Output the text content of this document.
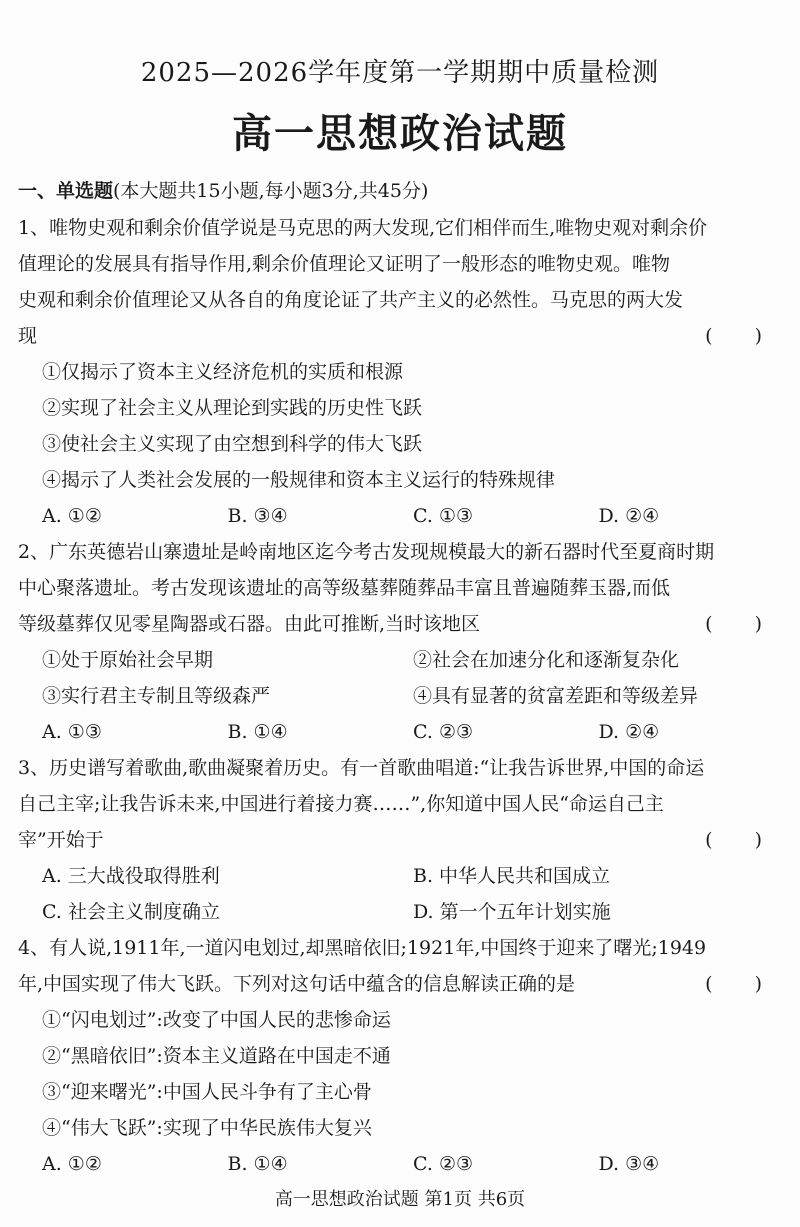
2025—2026学年度第一学期期中质量检测
高一思想政治试题
一、单选题(本大题共15小题,每小题3分,共45分)
1、唯物史观和剩余价值学说是马克思的两大发现,它们相伴而生,唯物史观对剩余价
值理论的发展具有指导作用,剩余价值理论又证明了一般形态的唯物史观。唯物
史观和剩余价值理论又从各自的角度论证了共产主义的必然性。马克思的两大发
现	( )
①仅揭示了资本主义经济危机的实质和根源
②实现了社会主义从理论到实践的历史性飞跃
③使社会主义实现了由空想到科学的伟大飞跃
④揭示了人类社会发展的一般规律和资本主义运行的特殊规律
A. ①②	B. ③④	C. ①③	D. ②④
2、广东英德岩山寨遗址是岭南地区迄今考古发现规模最大的新石器时代至夏商时期
中心聚落遗址。考古发现该遗址的高等级墓葬随葬品丰富且普遍随葬玉器,而低
等级墓葬仅见零星陶器或石器。由此可推断,当时该地区	( )
①处于原始社会早期	②社会在加速分化和逐渐复杂化
③实行君主专制且等级森严	④具有显著的贫富差距和等级差异
A. ①③	B. ①④	C. ②③	D. ②④
3、历史谱写着歌曲,歌曲凝聚着历史。有一首歌曲唱道:“让我告诉世界,中国的命运
自己主宰;让我告诉未来,中国进行着接力赛……”,你知道中国人民“命运自己主
宰”开始于	( )
A. 三大战役取得胜利	B. 中华人民共和国成立
C. 社会主义制度确立	D. 第一个五年计划实施
4、有人说,1911年,一道闪电划过,却黑暗依旧;1921年,中国终于迎来了曙光;1949
年,中国实现了伟大飞跃。下列对这句话中蕴含的信息解读正确的是	( )
①“闪电划过”:改变了中国人民的悲惨命运
②“黑暗依旧”:资本主义道路在中国走不通
③“迎来曙光”:中国人民斗争有了主心骨
④“伟大飞跃”:实现了中华民族伟大复兴
A. ①②	B. ①④	C. ②③	D. ③④
高一思想政治试题 第1页 共6页
